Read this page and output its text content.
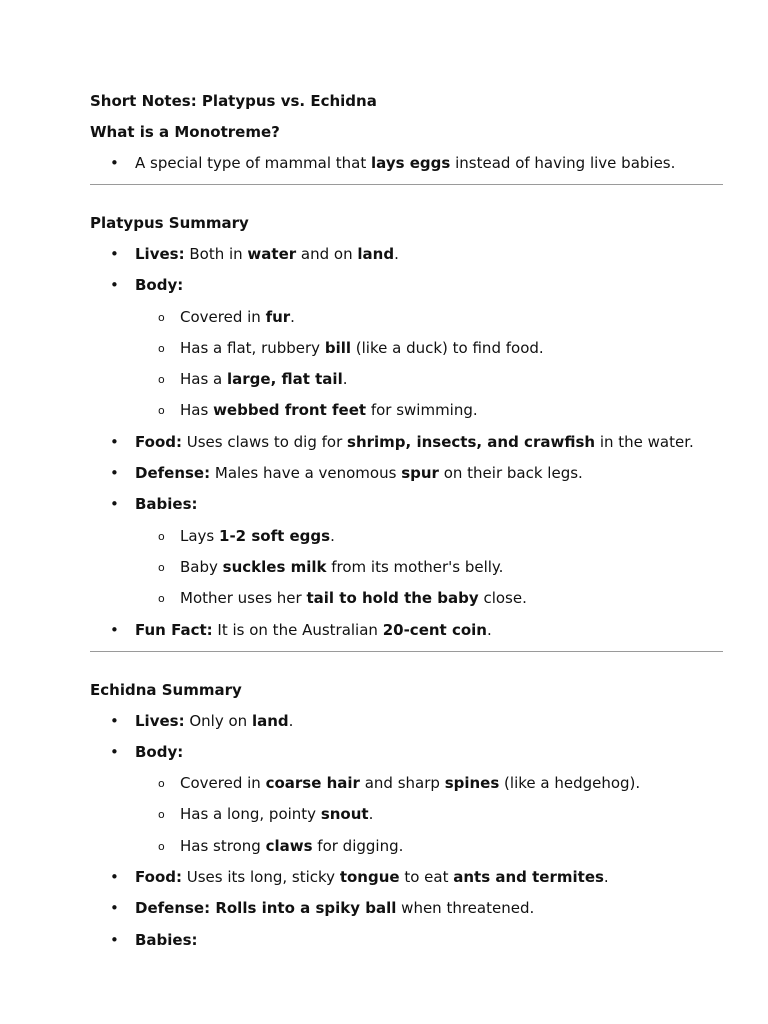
Short Notes: Platypus vs. Echidna

What is a Monotreme?

• A special type of mammal that lays eggs instead of having live babies.

Platypus Summary

• Lives: Both in water and on land.
• Body:
o Covered in fur.
o Has a flat, rubbery bill (like a duck) to find food.
o Has a large, flat tail.
o Has webbed front feet for swimming.
• Food: Uses claws to dig for shrimp, insects, and crawfish in the water.
• Defense: Males have a venomous spur on their back legs.
• Babies:
o Lays 1-2 soft eggs.
o Baby suckles milk from its mother's belly.
o Mother uses her tail to hold the baby close.
• Fun Fact: It is on the Australian 20-cent coin.

Echidna Summary

• Lives: Only on land.
• Body:
o Covered in coarse hair and sharp spines (like a hedgehog).
o Has a long, pointy snout.
o Has strong claws for digging.
• Food: Uses its long, sticky tongue to eat ants and termites.
• Defense: Rolls into a spiky ball when threatened.
• Babies:
